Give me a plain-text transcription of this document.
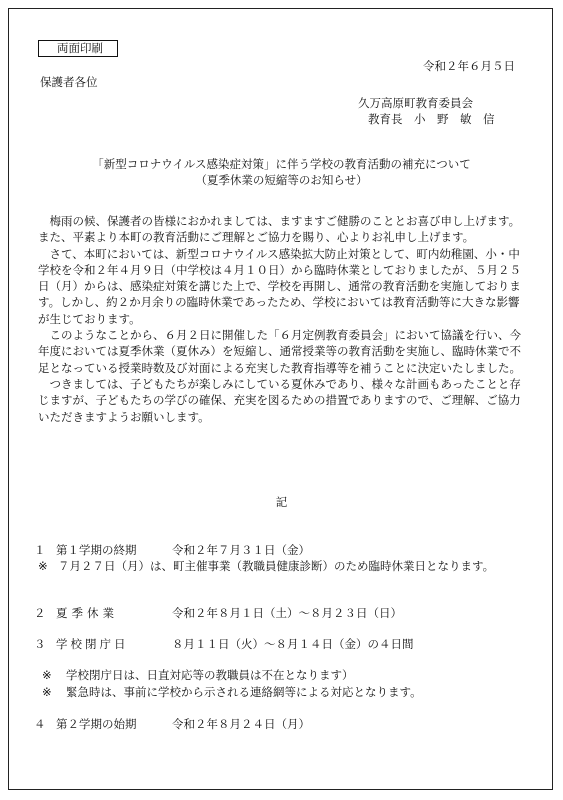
両面印刷
令和２年６月５日
保護者各位
久万高原町教育委員会
教育長　小　野　敏　信
「新型コロナウイルス感染症対策」に伴う学校の教育活動の補充について
（夏季休業の短縮等のお知らせ）

梅雨の候、保護者の皆様におかれましては、ますますご健勝のこととお喜び申し上げます。また、平素より本町の教育活動にご理解とご協力を賜り、心よりお礼申し上げます。

さて、本町においては、新型コロナウイルス感染拡大防止対策として、町内幼稚園、小・中学校を令和２年４月９日（中学校は４月１０日）から臨時休業としておりましたが、５月２５日（月）からは、感染症対策を講じた上で、学校を再開し、通常の教育活動を実施しております。しかし、約２か月余りの臨時休業であったため、学校においては教育活動等に大きな影響が生じております。

このようなことから、６月２日に開催した「６月定例教育委員会」において協議を行い、今年度においては夏季休業（夏休み）を短縮し、通常授業等の教育活動を実施し、臨時休業で不足となっている授業時数及び対面による充実した教育指導等を補うことに決定いたしました。

つきましては、子どもたちが楽しみにしている夏休みであり、様々な計画もあったことと存じますが、子どもたちの学びの確保、充実を図るための措置でありますので、ご理解、ご協力いただきますようお願いします。

記
１ 第１学期の終期	令和２年７月３１日（金）
※ ７月２７日（月）は、町主催事業（教職員健康診断）のため臨時休業日となります。
２ 夏季休業	令和２年８月１日（土）～８月２３日（日）
３ 学校閉庁日	８月１１日（火）～８月１４日（金）の４日間
※ 学校閉庁日は、日直対応等の教職員は不在となります）
※ 緊急時は、事前に学校から示される連絡網等による対応となります。
４ 第２学期の始期	令和２年８月２４日（月）
